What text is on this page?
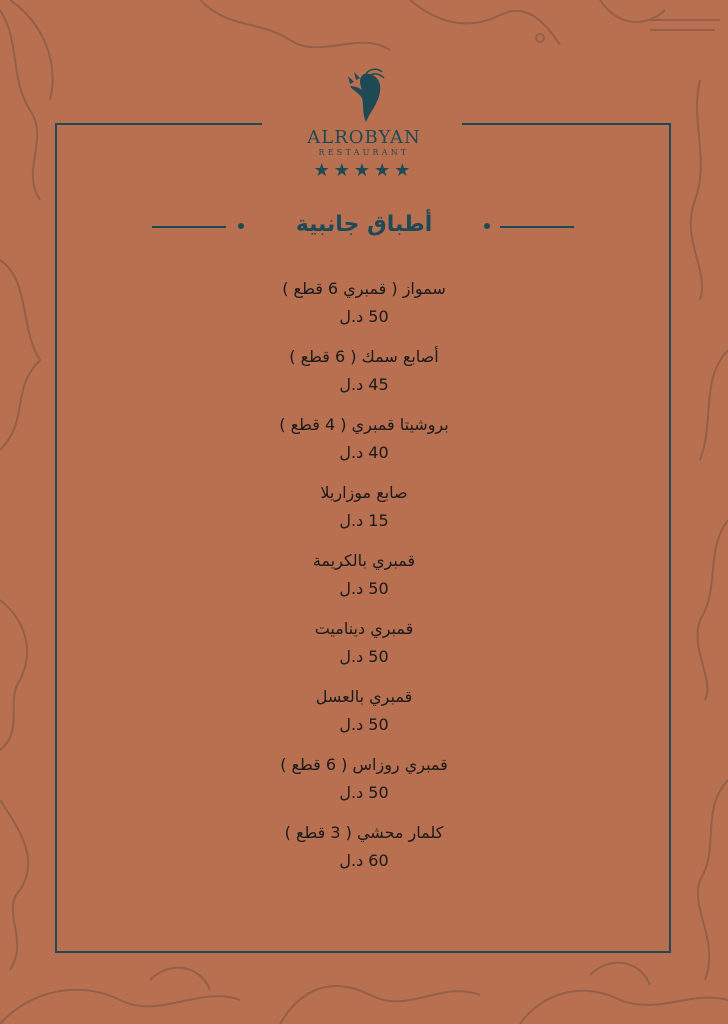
ALROBYAN
RESTAURANT
★★★★★
أطباق جانبية
سمواز ( قمبري 6 قطع )
50 د.ل
أصابع سمك ( 6 قطع )
45 د.ل
بروشيتا قمبري ( 4 قطع )
40 د.ل
صابع موزاريلا
15 د.ل
قمبري بالكريمة
50 د.ل
قمبري ديناميت
50 د.ل
قمبري بالعسل
50 د.ل
قمبري روزاس ( 6 قطع )
50 د.ل
كلمار محشي ( 3 قطع )
60 د.ل
